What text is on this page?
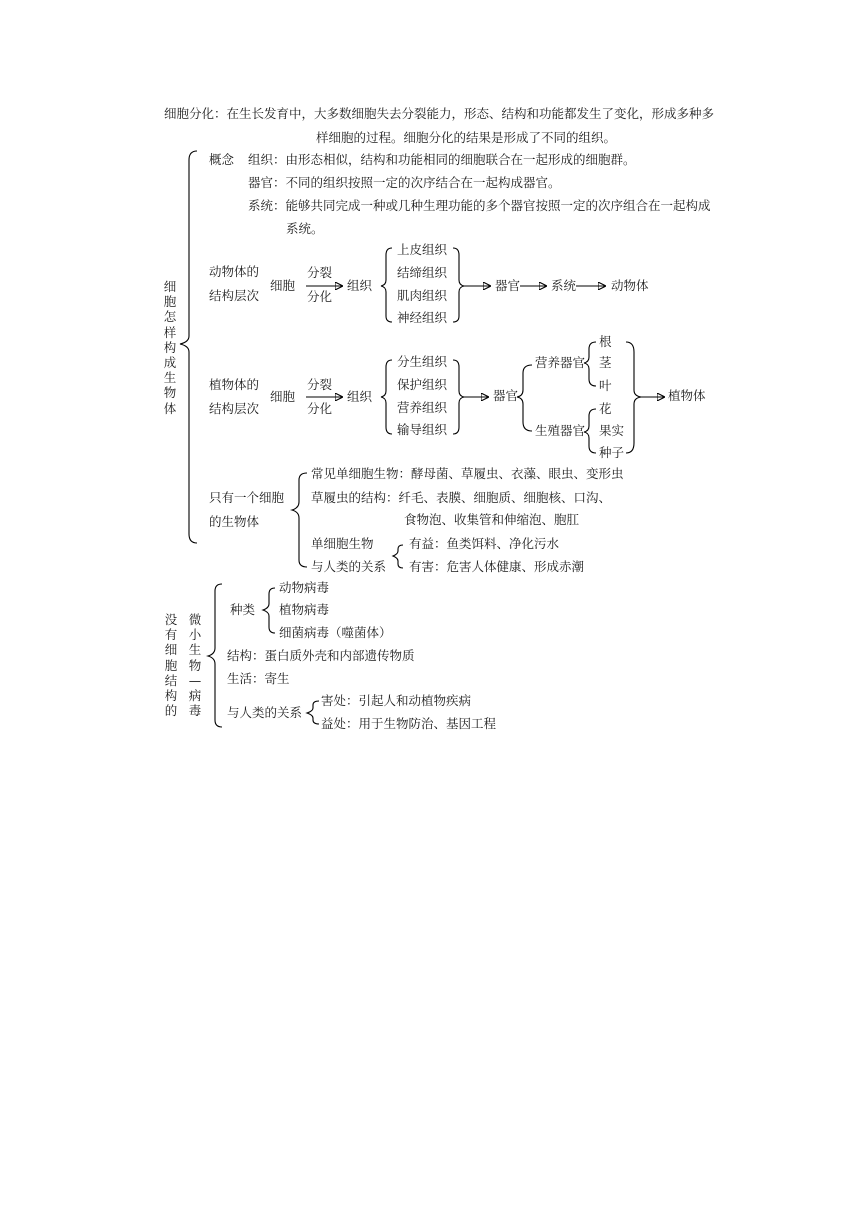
细胞分化：在生长发育中，大多数细胞失去分裂能力，形态、结构和功能都发生了变化，形成多种多
样细胞的过程。细胞分化的结果是形成了不同的组织。
细胞怎样构成生物体
概念 组织：由形态相似，结构和功能相同的细胞联合在一起形成的细胞群。
器官：不同的组织按照一定的次序结合在一起构成器官。
系统：能够共同完成一种或几种生理功能的多个器官按照一定的次序组合在一起构成
系统。
动物体的
结构层次
细胞
分裂
分化
组织
上皮组织
结缔组织
肌肉组织
神经组织
器官 系统	动物体
植物体的
结构层次
细胞
分裂
分化
组织
分生组织
保护组织
营养组织
输导组织
器官
营养器官
生殖器官
根
茎
叶
花
果实
种子
植物体
只有一个细胞
的生物体
常见单细胞生物：酵母菌、草履虫、衣藻、眼虫、变形虫
草履虫的结构：纤毛、表膜、细胞质、细胞核、口沟、
食物泡、收集管和伸缩泡、胞肛
单细胞生物
与人类的关系
有益：鱼类饵料、净化污水
有害：危害人体健康、形成赤潮
没有细胞结构的
微小生物—病毒
种类
动物病毒
植物病毒
细菌病毒（噬菌体）
结构：蛋白质外壳和内部遗传物质
生活：寄生
与人类的关系
害处：引起人和动植物疾病
益处：用于生物防治、基因工程
